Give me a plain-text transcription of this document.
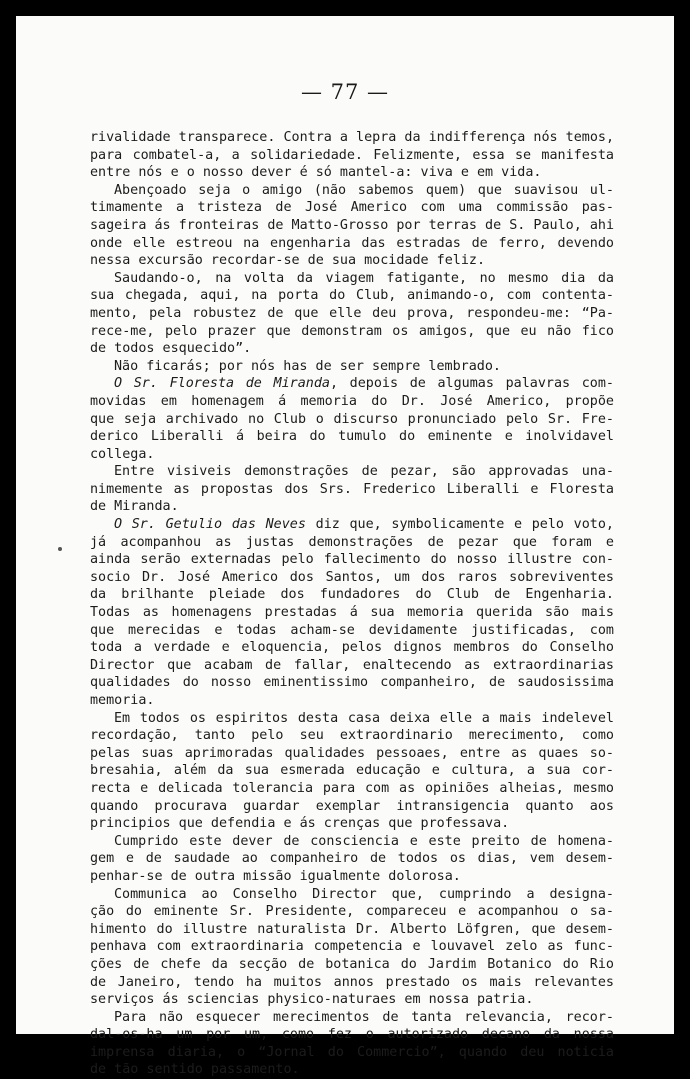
— 77 —
rivalidade transparece. Contra a lepra da indifferença nós temos,
para combatel-a, a solidariedade. Felizmente, essa se manifesta
entre nós e o nosso dever é só mantel-a: viva e em vida.
Abençoado seja o amigo (não sabemos quem) que suavisou ul-
timamente a tristeza de José Americo com uma commissão pas-
sageira ás fronteiras de Matto-Grosso por terras de S. Paulo, ahi
onde elle estreou na engenharia das estradas de ferro, devendo
nessa excursão recordar-se de sua mocidade feliz.
Saudando-o, na volta da viagem fatigante, no mesmo dia da
sua chegada, aqui, na porta do Club, animando-o, com contenta-
mento, pela robustez de que elle deu prova, respondeu-me: “Pa-
rece-me, pelo prazer que demonstram os amigos, que eu não fico
de todos esquecido”.
Não ficarás; por nós has de ser sempre lembrado.
O Sr. Floresta de Miranda, depois de algumas palavras com-
movidas em homenagem á memoria do Dr. José Americo, propõe
que seja archivado no Club o discurso pronunciado pelo Sr. Fre-
derico Liberalli á beira do tumulo do eminente e inolvidavel
collega.
Entre visiveis demonstrações de pezar, são approvadas una-
nimemente as propostas dos Srs. Frederico Liberalli e Floresta
de Miranda.
O Sr. Getulio das Neves diz que, symbolicamente e pelo voto,
já acompanhou as justas demonstrações de pezar que foram e
ainda serão externadas pelo fallecimento do nosso illustre con-
socio Dr. José Americo dos Santos, um dos raros sobreviventes
da brilhante pleiade dos fundadores do Club de Engenharia.
Todas as homenagens prestadas á sua memoria querida são mais
que merecidas e todas acham-se devidamente justificadas, com
toda a verdade e eloquencia, pelos dignos membros do Conselho
Director que acabam de fallar, enaltecendo as extraordinarias
qualidades do nosso eminentissimo companheiro, de saudosissima
memoria.
Em todos os espiritos desta casa deixa elle a mais indelevel
recordação, tanto pelo seu extraordinario merecimento, como
pelas suas aprimoradas qualidades pessoaes, entre as quaes so-
bresahia, além da sua esmerada educação e cultura, a sua cor-
recta e delicada tolerancia para com as opiniões alheias, mesmo
quando procurava guardar exemplar intransigencia quanto aos
principios que defendia e ás crenças que professava.
Cumprido este dever de consciencia e este preito de homena-
gem e de saudade ao companheiro de todos os dias, vem desem-
penhar-se de outra missão igualmente dolorosa.
Communica ao Conselho Director que, cumprindo a designa-
ção do eminente Sr. Presidente, compareceu e acompanhou o sa-
himento do illustre naturalista Dr. Alberto Löfgren, que desem-
penhava com extraordinaria competencia e louvavel zelo as func-
ções de chefe da secção de botanica do Jardim Botanico do Rio
de Janeiro, tendo ha muitos annos prestado os mais relevantes
serviços ás sciencias physico-naturaes em nossa patria.
Para não esquecer merecimentos de tanta relevancia, recor-
dal-os-ha um por um, como fez o autorizado decano da nossa
imprensa diaria, o “Jornal do Commercio”, quando deu noticia
de tão sentido passamento.
